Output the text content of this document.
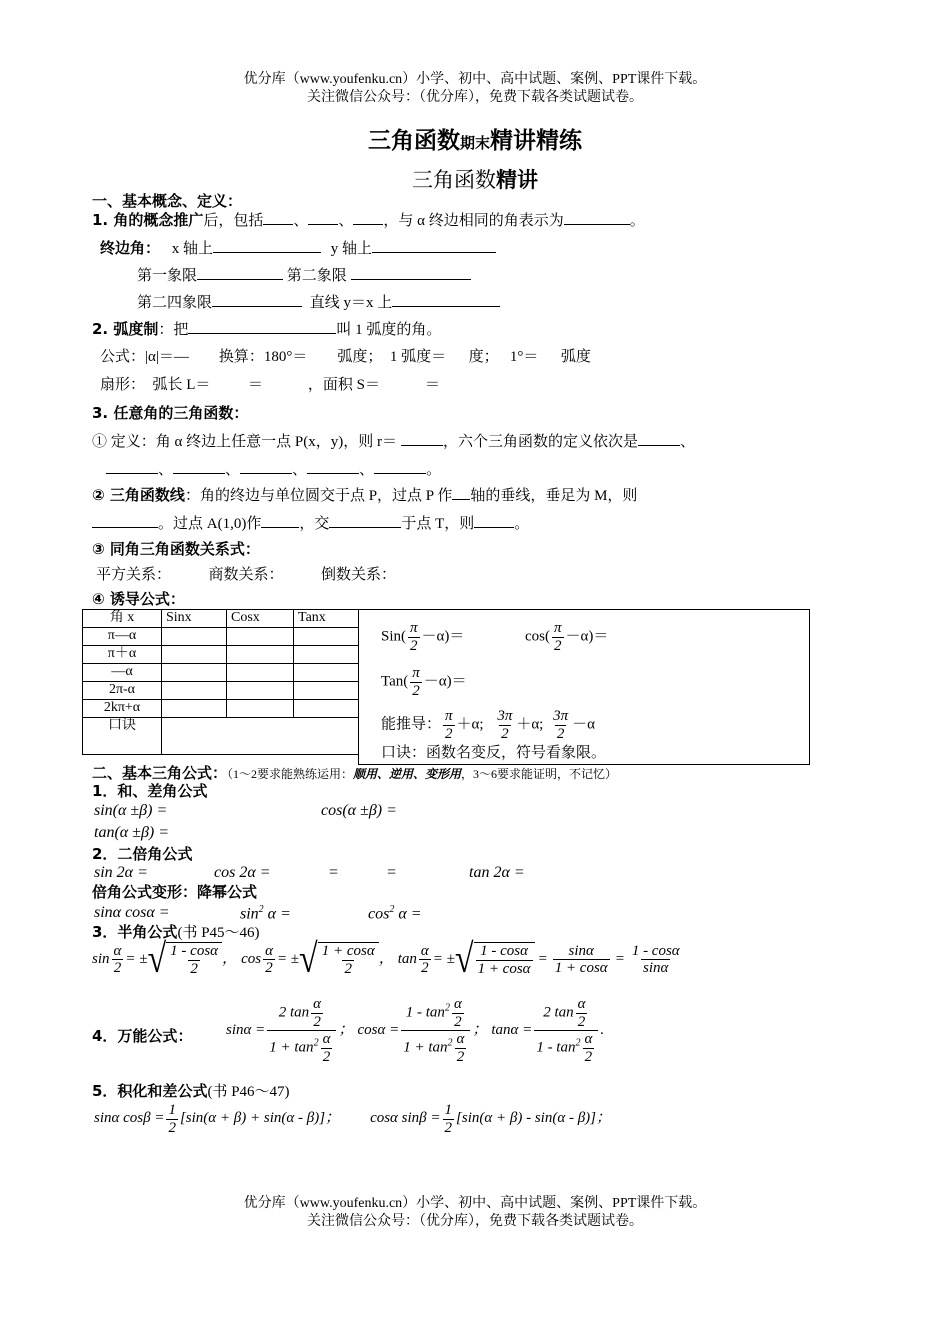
优分库（www.youfenku.cn）小学、初中、高中试题、案例、PPT课件下载。
关注微信公众号：（优分库），免费下载各类试题试卷。
三角函数期末精讲精练
三角函数精讲
一、基本概念、定义：
1. 角的概念推广后，包括 、 、 ，与 α 终边相同的角表示为	。
终边角： x 轴上	y 轴上
第一象限	第二象限
第二四象限	直线 y＝x 上
2. 弧度制：把	叫 1 弧度的角。
公式：|α|＝—        换算：180°＝        弧度；  1 弧度＝      度；   1°＝      弧度
扇形：  弧长 L＝          ＝            ，面积 S＝            ＝
3. 任意角的三角函数：
① 定义：角 α 终边上任意一点 P(x，y)，则 r＝	，六个三角函数的定义依次是	、
、	、	、	、	。
② 三角函数线：角的终边与单位圆交于点 P，过点 P 作 轴的垂线，垂足为 M，则
。过点 A(1,0)作	，交	于点 T，则	。
③ 同角三角函数关系式：
平方关系：          商数关系：          倒数关系：
④ 诱导公式：
角 x	Sinx	Cosx	Tanx
π—α			
π＋α			
—α			
2π-α			
2kπ+α			
口诀			
$Sin( \frac{\pi}{2} -\alpha)=$	$\cos( \frac{\pi}{2} -\alpha)=$
$Tan( \frac{\pi}{2} -\alpha)=$
能推导： $\frac{\pi}{2} +\alpha$; $\frac{3\pi}{2} +\alpha$; $\frac{3\pi}{2} -\alpha$
口诀：函数名变反，符号看象限。
二、基本三角公式：（1～2要求能熟练运用：顺用、逆用、变形用，3～6要求能证明，不记忆）
1．和、差角公式
sin(α ±β) =	cos(α ±β) =
tan(α ±β) =
2．二倍角公式
sin 2α =	cos 2α =	=	=	tan 2α =
倍角公式变形：降幂公式
sinα cosα =	$\sin^2 \alpha$ =	$\cos^2 \alpha$ =
3．半角公式(书 P45～46)
$\sin \frac{\alpha}{2}$ = ± √ $\frac{1 - \cos\alpha}{2}$ ， $\cos \frac{\alpha}{2}$ = ± √ $\frac{1 + \cos\alpha}{2}$ ， $\tan \frac{\alpha}{2}$ = ± √ $\frac{1 - \cos\alpha}{1 + \cos\alpha} = \frac{\sin\alpha}{1 + \cos\alpha} = \frac{1 - \cos\alpha}{\sin\alpha}$
4．万能公式： $\sin\alpha = \frac{2 \tan \frac{\alpha}{2}}{1 + \tan^2 \frac{\alpha}{2}}$ ； $\cos\alpha = \frac{1 - \tan^2 \frac{\alpha}{2}}{1 + \tan^2 \frac{\alpha}{2}}$ ； $\tan\alpha = \frac{2 \tan \frac{\alpha}{2}}{1 - \tan^2 \frac{\alpha}{2}}$ .
5．积化和差公式(书 P46～47)
sinα $\cos\beta = \frac{1}{2} [\sin(\alpha + \beta) + \sin(\alpha - \beta)]$； cosα $\sin\beta = \frac{1}{2} [\sin(\alpha + \beta) - \sin(\alpha - \beta)]$；
优分库（www.youfenku.cn）小学、初中、高中试题、案例、PPT课件下载。
关注微信公众号：（优分库），免费下载各类试题试卷。
